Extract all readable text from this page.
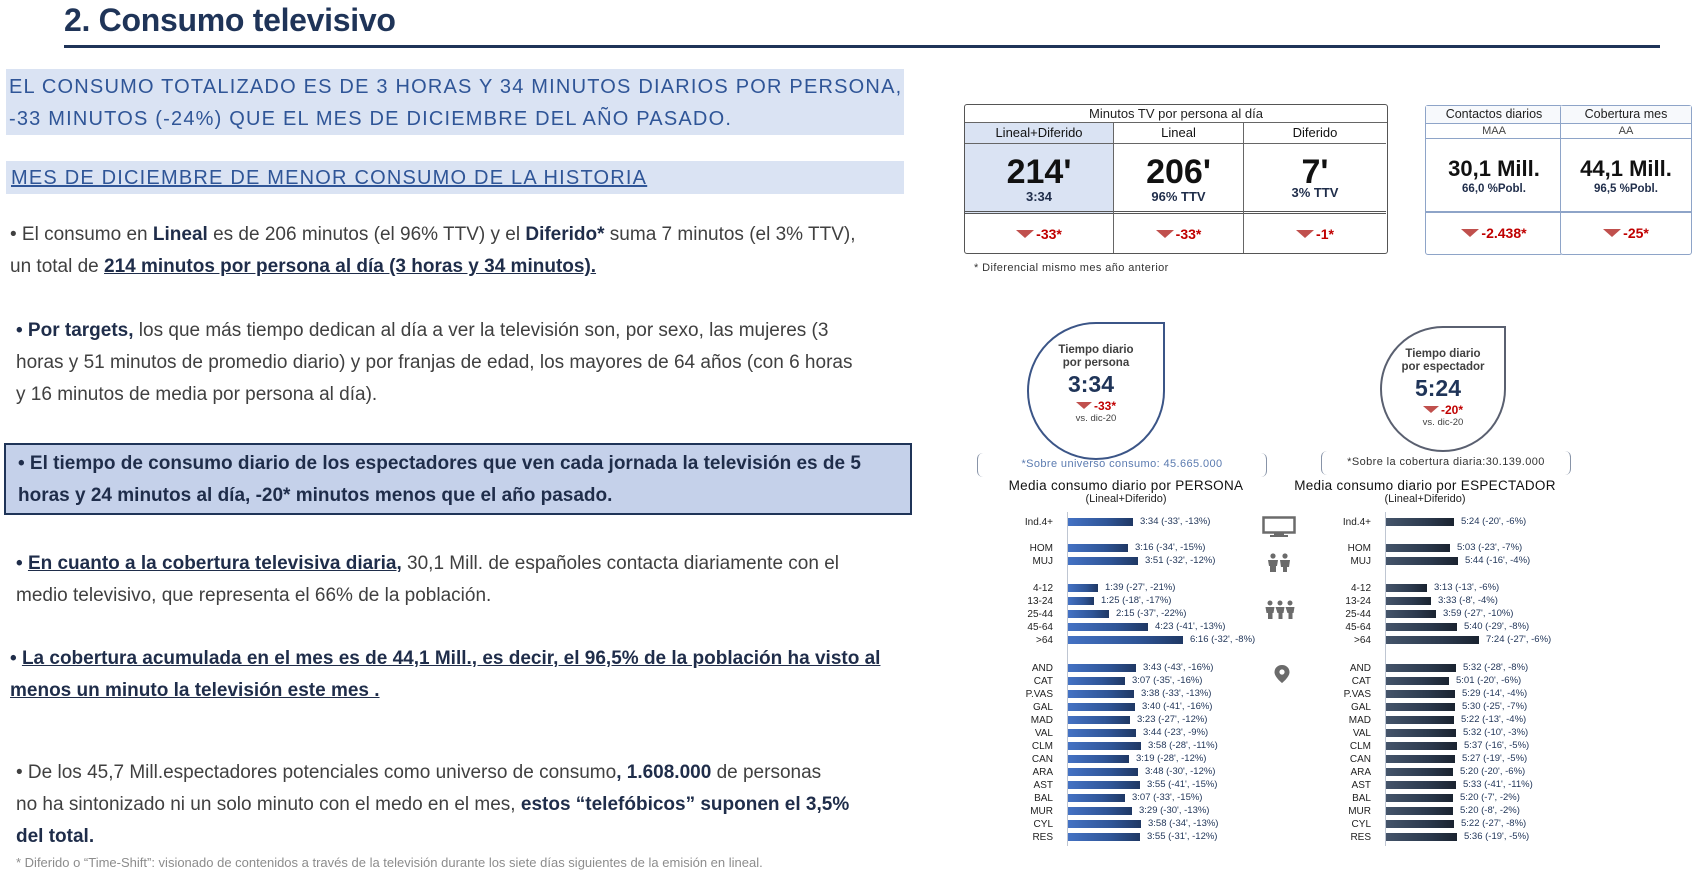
2. Consumo televisivo
EL CONSUMO TOTALIZADO ES DE 3 HORAS Y 34 MINUTOS DIARIOS POR PERSONA,
-33 MINUTOS (-24%) QUE EL MES DE DICIEMBRE DEL AÑO PASADO.
MES DE DICIEMBRE DE MENOR CONSUMO DE LA HISTORIA
• El consumo en Lineal es de 206 minutos (el 96% TTV) y el Diferido* suma 7 minutos (el 3% TTV),
un total de 214 minutos por persona al día (3 horas y 34 minutos).
• Por targets, los que más tiempo dedican al día a ver la televisión son, por sexo, las mujeres (3
horas y 51 minutos de promedio diario) y por franjas de edad, los mayores de 64 años (con 6 horas
y 16 minutos de media por persona al día).
• El tiempo de consumo diario de los espectadores que ven cada jornada la televisión es de 5
horas y 24 minutos al día, -20* minutos menos que el año pasado.
• En cuanto a la cobertura televisiva diaria, 30,1 Mill. de españoles contacta diariamente con el
medio televisivo, que representa el 66% de la población.
• La cobertura acumulada en el mes es de 44,1 Mill., es decir, el 96,5% de la población ha visto al
menos un minuto la televisión este mes .
• De los 45,7 Mill.espectadores potenciales como universo de consumo, 1.608.000 de personas
no ha sintonizado ni un solo minuto con el medo en el mes, estos “telefóbicos” suponen el 3,5%
del total.
* Diferido o “Time-Shift”: visionado de contenidos a través de la televisión durante los siete días siguientes de la emisión en lineal.
Minutos TV por persona al día
Lineal+Diferido
214'
3:34
-33*
Lineal
206'
96% TTV
-33*
Diferido
7'
3% TTV
-1*
* Diferencial mismo mes año anterior
Contactos diarios
MAA
30,1 Mill.
66,0 %Pobl.
-2.438*
Cobertura mes
AA
44,1 Mill.
96,5 %Pobl.
-25*
Tiempo diario
por persona
3:34
-33*
vs. dic-20
Tiempo diario
por espectador
5:24
-20*
vs. dic-20
*Sobre universo consumo: 45.665.000	*Sobre la cobertura diaria:30.139.000
Media consumo diario por PERSONA
(Lineal+Diferido)
Media consumo diario por ESPECTADOR
(Lineal+Diferido)
Ind.4+	3:34 (-33', -13%)
HOM	3:16 (-34', -15%)
MUJ	3:51 (-32', -12%)
4-12	1:39 (-27', -21%)
13-24	1:25 (-18', -17%)
25-44	2:15 (-37', -22%)
45-64	4:23 (-41', -13%)
>64	6:16 (-32', -8%)
AND	3:43 (-43', -16%)
CAT	3:07 (-35', -16%)
P.VAS	3:38 (-33', -13%)
GAL	3:40 (-41', -16%)
MAD	3:23 (-27', -12%)
VAL	3:44 (-23', -9%)
CLM	3:58 (-28', -11%)
CAN	3:19 (-28', -12%)
ARA	3:48 (-30', -12%)
AST	3:55 (-41', -15%)
BAL	3:07 (-33', -15%)
MUR	3:29 (-30', -13%)
CYL	3:58 (-34', -13%)
RES	3:55 (-31', -12%)
Ind.4+	5:24 (-20', -6%)
HOM	5:03 (-23', -7%)
MUJ	5:44 (-16', -4%)
4-12	3:13 (-13', -6%)
13-24	3:33 (-8', -4%)
25-44	3:59 (-27', -10%)
45-64	5:40 (-29', -8%)
>64	7:24 (-27', -6%)
AND	5:32 (-28', -8%)
CAT	5:01 (-20', -6%)
P.VAS	5:29 (-14', -4%)
GAL	5:30 (-25', -7%)
MAD	5:22 (-13', -4%)
VAL	5:32 (-10', -3%)
CLM	5:37 (-16', -5%)
CAN	5:27 (-19', -5%)
ARA	5:20 (-20', -6%)
AST	5:33 (-41', -11%)
BAL	5:20 (-7', -2%)
MUR	5:20 (-8', -2%)
CYL	5:22 (-27', -8%)
RES	5:36 (-19', -5%)
